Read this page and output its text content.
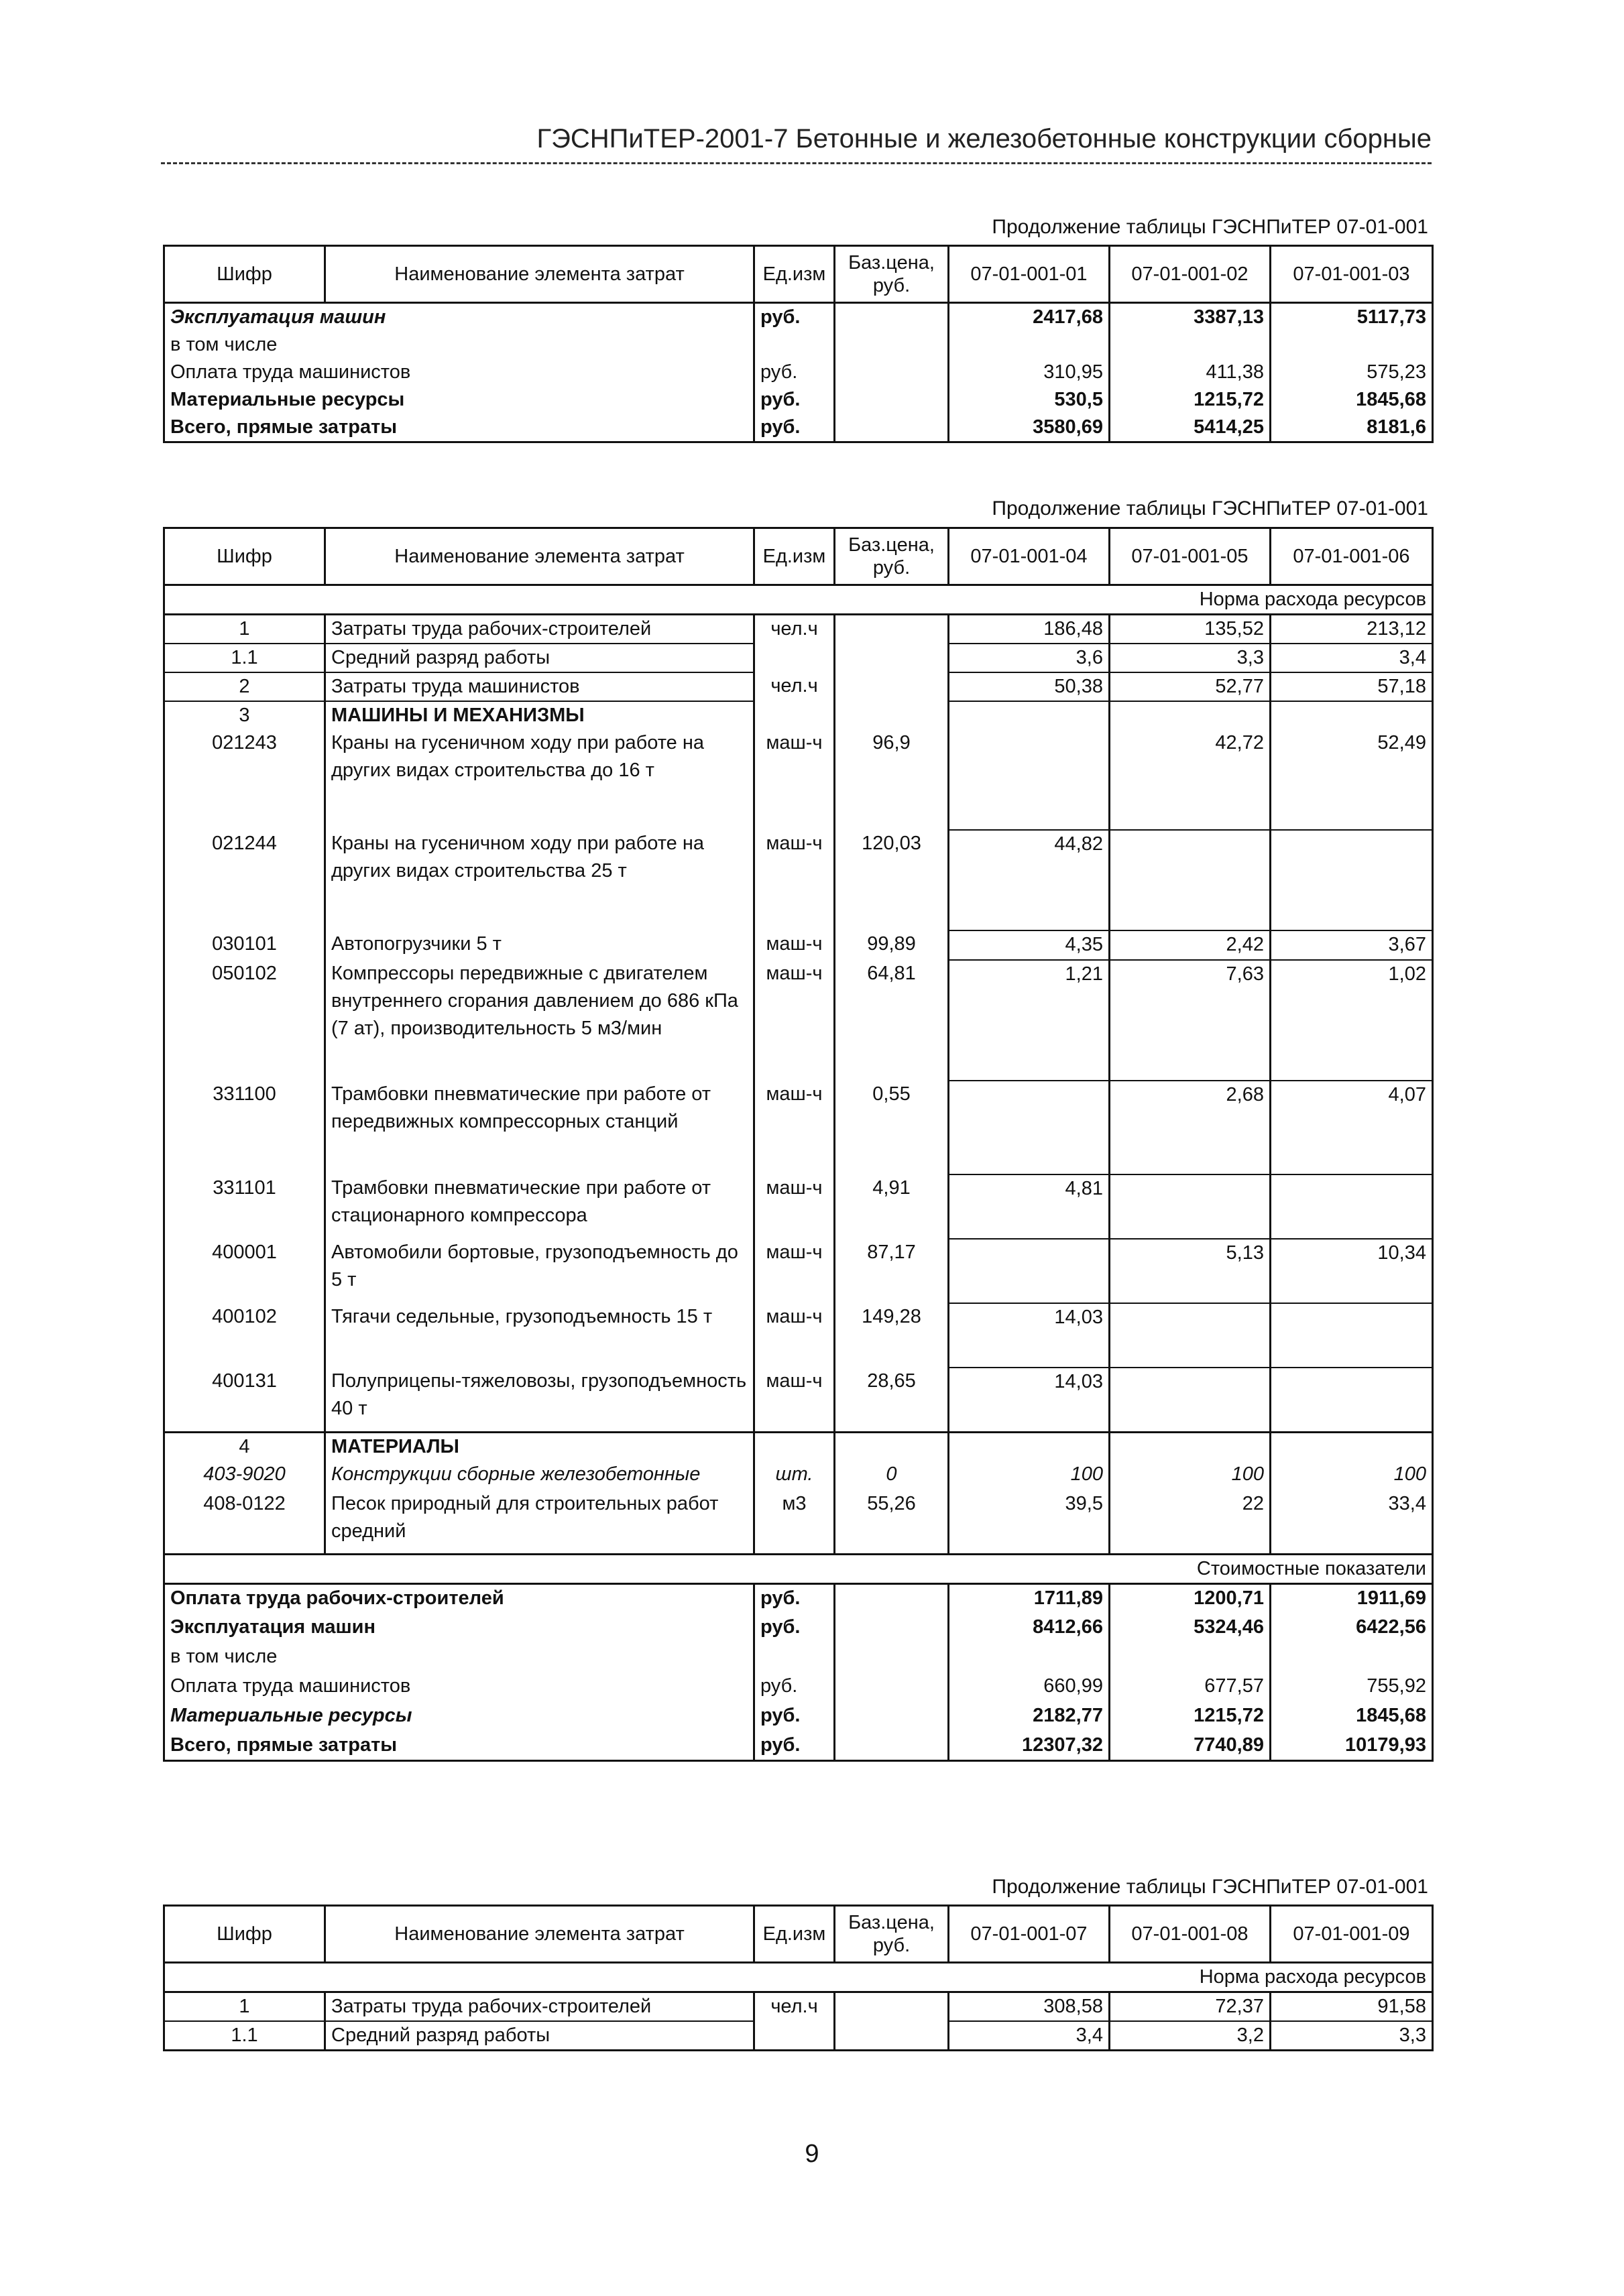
ГЭСНПиТЕР-2001-7 Бетонные и железобетонные конструкции сборные
Продолжение таблицы ГЭСНПиТЕР 07-01-001
Шифр	Наименование элемента затрат	Ед.изм	Баз.цена, руб.	07-01-001-01	07-01-001-02	07-01-001-03
Эксплуатация машин		руб.		2417,68	3387,13	5117,73
в том числе						
Оплата труда машинистов		руб.		310,95	411,38	575,23
Материальные ресурсы		руб.		530,5	1215,72	1845,68
Всего, прямые затраты		руб.		3580,69	5414,25	8181,6
Продолжение таблицы ГЭСНПиТЕР 07-01-001
Шифр	Наименование элемента затрат	Ед.изм	Баз.цена, руб.	07-01-001-04	07-01-001-05	07-01-001-06
Норма расхода ресурсов						
1	Затраты труда рабочих-строителей	чел.ч		186,48	135,52	213,12
1.1	Средний разряд работы			3,6	3,3	3,4
2	Затраты труда машинистов	чел.ч		50,38	52,77	57,18
3	МАШИНЫ И МЕХАНИЗМЫ					
021243	Краны на гусеничном ходу при работе на других видах строительства до 16 т	маш-ч	96,9		42,72	52,49
021244	Краны на гусеничном ходу при работе на других видах строительства 25 т	маш-ч	120,03	44,82		
030101	Автопогрузчики 5 т	маш-ч	99,89	4,35	2,42	3,67
050102	Компрессоры передвижные с двигателем внутреннего сгорания давлением до 686 кПа (7 ат), производительность 5 м3/мин	маш-ч	64,81	1,21	7,63	1,02
331100	Трамбовки пневматические при работе от передвижных компрессорных станций	маш-ч	0,55		2,68	4,07
331101	Трамбовки пневматические при работе от стационарного компрессора	маш-ч	4,91	4,81		
400001	Автомобили бортовые, грузоподъемность до 5 т	маш-ч	87,17		5,13	10,34
400102	Тягачи седельные, грузоподъемность 15 т	маш-ч	149,28	14,03		
400131	Полуприцепы-тяжеловозы, грузоподъемность 40 т	маш-ч	28,65	14,03		
4	МАТЕРИАЛЫ					
403-9020	Конструкции сборные железобетонные	шт.	0	100	100	100
408-0122	Песок природный для строительных работ средний	м3	55,26	39,5	22	33,4
Стоимостные показатели						
Оплата труда рабочих-строителей		руб.		1711,89	1200,71	1911,69
Эксплуатация машин		руб.		8412,66	5324,46	6422,56
в том числе						
Оплата труда машинистов		руб.		660,99	677,57	755,92
Материальные ресурсы		руб.		2182,77	1215,72	1845,68
Всего, прямые затраты		руб.		12307,32	7740,89	10179,93
Продолжение таблицы ГЭСНПиТЕР 07-01-001
Шифр	Наименование элемента затрат	Ед.изм	Баз.цена, руб.	07-01-001-07	07-01-001-08	07-01-001-09
Норма расхода ресурсов						
1	Затраты труда рабочих-строителей	чел.ч		308,58	72,37	91,58
1.1	Средний разряд работы			3,4	3,2	3,3
9
